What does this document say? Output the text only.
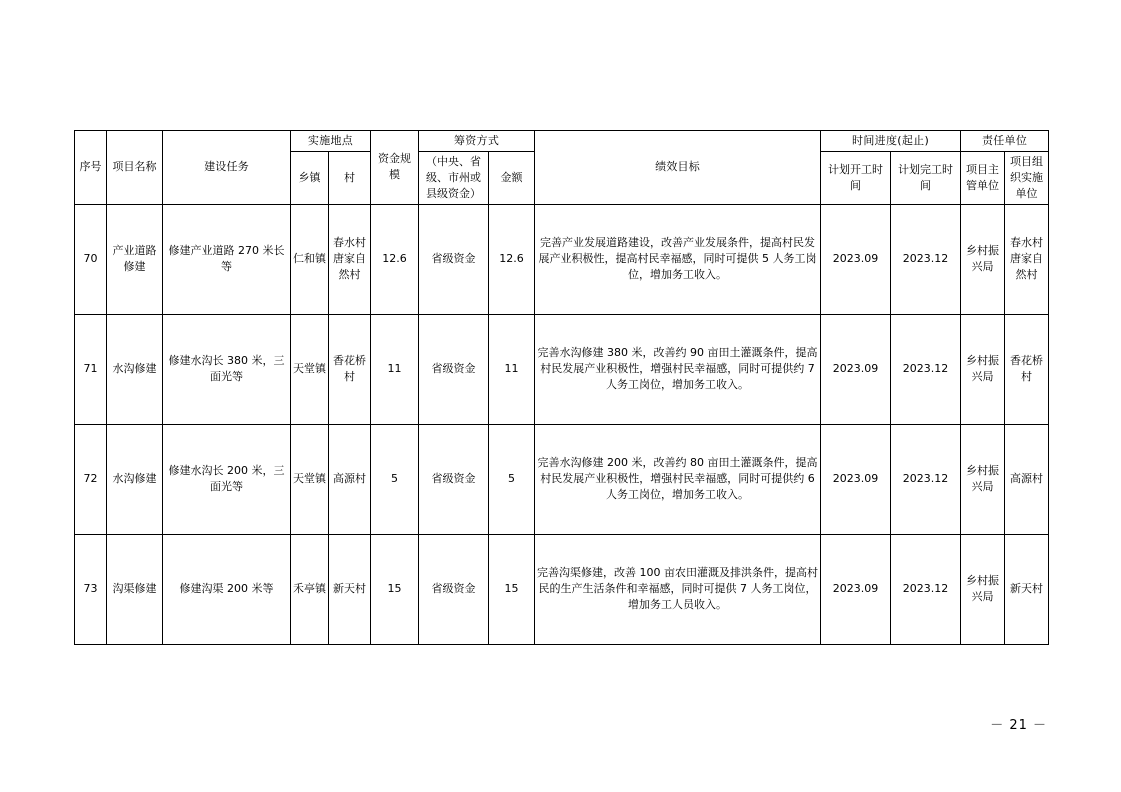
序号	项目名称	建设任务	实施地点		资金规模	筹资方式		绩效目标	时间进度(起止)		责任单位	
			乡镇	村		（中央、省级、市州或县级资金）	金额		计划开工时间	计划完工时间	项目主管单位	项目组织实施单位
70	产业道路修建	修建产业道路 270 米长等	仁和镇	春水村唐家自然村	12.6	省级资金	12.6	完善产业发展道路建设，改善产业发展条件，提高村民发展产业积极性，提高村民幸福感，同时可提供 5 人务工岗位，增加务工收入。	2023.09	2023.12	乡村振兴局	春水村唐家自然村
71	水沟修建	修建水沟长 380 米，三面光等	天堂镇	香花桥村	11	省级资金	11	完善水沟修建 380 米，改善约 90 亩田土灌溉条件，提高村民发展产业积极性，增强村民幸福感，同时可提供约 7 人务工岗位，增加务工收入。	2023.09	2023.12	乡村振兴局	香花桥村
72	水沟修建	修建水沟长 200 米，三面光等	天堂镇	高源村	5	省级资金	5	完善水沟修建 200 米，改善约 80 亩田土灌溉条件，提高村民发展产业积极性，增强村民幸福感，同时可提供约 6 人务工岗位，增加务工收入。	2023.09	2023.12	乡村振兴局	高源村
73	沟渠修建	修建沟渠 200 米等	禾亭镇	新天村	15	省级资金	15	完善沟渠修建，改善 100 亩农田灌溉及排洪条件，提高村民的生产生活条件和幸福感，同时可提供 7 人务工岗位，增加务工人员收入。	2023.09	2023.12	乡村振兴局	新天村
－ 21 －
